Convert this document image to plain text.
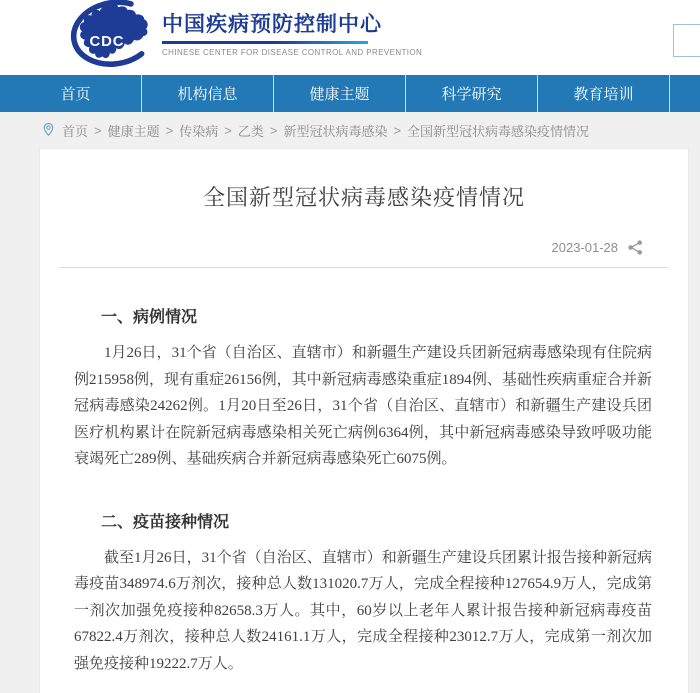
CDC
中国疾病预防控制中心
CHINESE CENTER FOR DISEASE CONTROL AND PREVENTION
首页	机构信息	健康主题	科学研究	教育培训
首页 > 健康主题 > 传染病 > 乙类 > 新型冠状病毒感染 > 全国新型冠状病毒感染疫情情况
全国新型冠状病毒感染疫情情况
2023-01-28
一、病例情况

1月26日，31个省（自治区、直辖市）和新疆生产建设兵团新冠病毒感染现有住院病例215958例，现有重症26156例，其中新冠病毒感染重症1894例、基础性疾病重症合并新冠病毒感染24262例。1月20日至26日，31个省（自治区、直辖市）和新疆生产建设兵团医疗机构累计在院新冠病毒感染相关死亡病例6364例，其中新冠病毒感染导致呼吸功能衰竭死亡289例、基础疾病合并新冠病毒感染死亡6075例。

二、疫苗接种情况

截至1月26日，31个省（自治区、直辖市）和新疆生产建设兵团累计报告接种新冠病毒疫苗348974.6万剂次，接种总人数131020.7万人，完成全程接种127654.9万人，完成第一剂次加强免疫接种82658.3万人。其中，60岁以上老年人累计报告接种新冠病毒疫苗67822.4万剂次，接种总人数24161.1万人，完成全程接种23012.7万人，完成第一剂次加强免疫接种19222.7万人。
